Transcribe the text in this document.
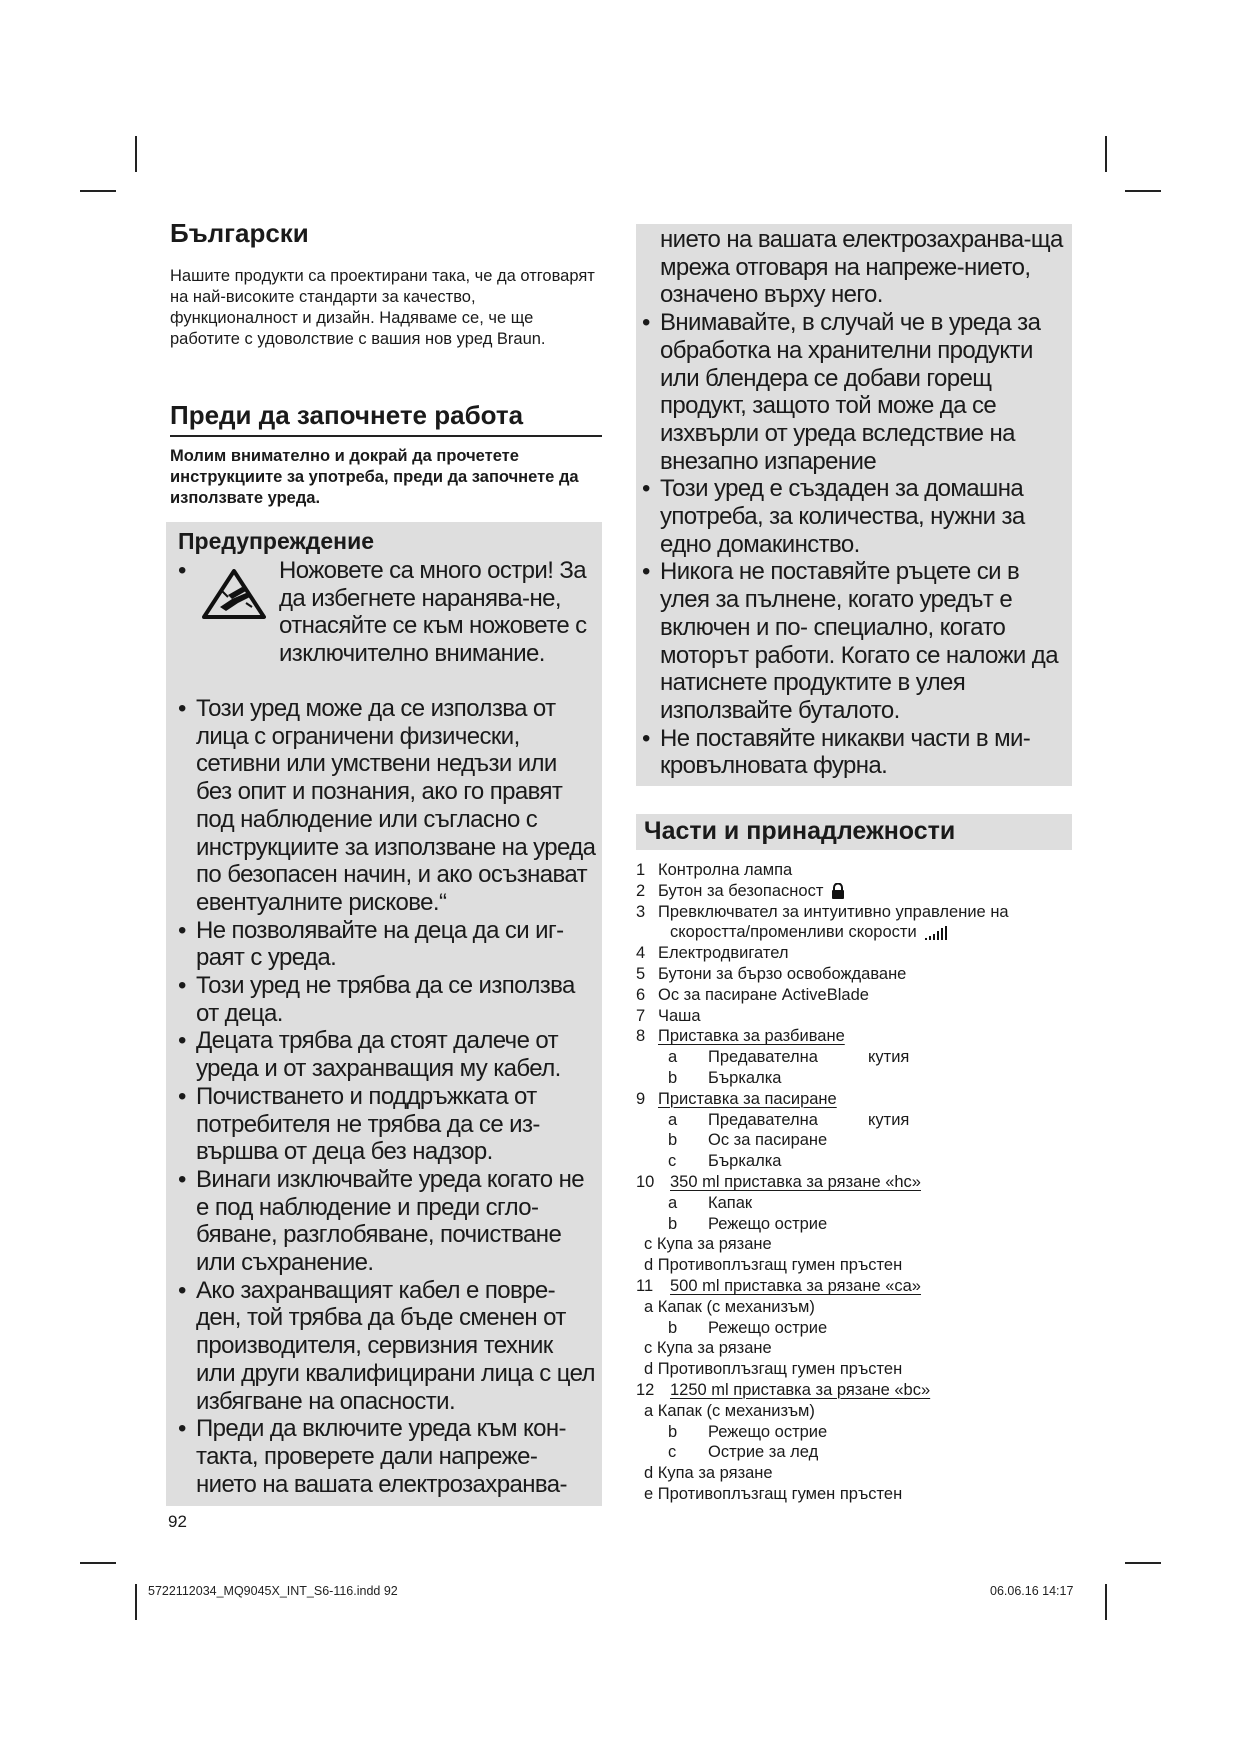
Български

Нашите продукти са проектирани така, че да отговарят на най-високите стандарти за качество, функционалност и дизайн. Надяваме се, че ще работите с удоволствие с вашия нов уред Braun.

Преди да започнете работа

Молим внимателно и докрай да прочетете инструкциите за употреба, преди да започнете да използвате уреда.

Предупреждение
•	Ножовете са много остри! За да избегнете наранява-не, отнасяйте се към ножовете с изключително внимание.
• Този уред може да се използва от лица с ограничени физически, сетивни или умствени недъзи или без опит и познания, ако го правят под наблюдение или съгласно с инструкциите за използване на уреда по безопасен начин, и ако осъзнават евентуалните рискове.“
• Не позволявайте на деца да си иг-раят с уреда.
• Този уред не трябва да се използва от деца.
• Децата трябва да стоят далече от уреда и от захранващия му кабел.
• Почистването и поддръжката от потребителя не трябва да се из-вършва от деца без надзор.
• Винаги изключвайте уреда когато не е под наблюдение и преди сгло-бяване, разглобяване, почистване или съхранение.
• Ако захранващият кабел е повре-ден, той трябва да бъде сменен от производителя, сервизния техник или други квалифицирани лица с цел избягване на опасности.
• Преди да включите уреда към кон-такта, проверете дали напреже-нието на вашата електрозахранва-
нието на вашата електрозахранва-ща мрежа отговаря на напреже-нието, означено върху него.
• Внимавайте, в случай че в уреда за обработка на хранителни продукти или блендера се добави горещ продукт, защото той може да се изхвърли от уреда вследствие на внезапно изпарение
• Този уред е създаден за домашна употреба, за количества, нужни за едно домакинство.
• Никога не поставяйте ръцете си в улея за пълнене, когато уредът е включен и по- специално, когато моторът работи. Когато се наложи да натиснете продуктите в улея използвайте буталото.
• Не поставяйте никакви части в ми-кровълновата фурна.
Части и принадлежности
1 Контролна лампа
2 Бутон за безопасност
3 Превключвател за интуитивно управление на
скоростта/променливи скорости
4 Електродвигател
5 Бутони за бързо освобождаване
6 Ос за пасиране ActiveBlade
7 Чаша
8 Приставка за разбиване
a Предавателна	кутия
b Бъркалка
9 Приставка за пасиране
a Предавателна	кутия
b Ос за пасиране
c Бъркалка
10 350 ml приставка за рязане «hc»
a Капак
b Режещо острие
c Купа за рязане
d Противоплъзгащ гумен пръстен
11 500 ml приставка за рязане «ca»
a Капак (с механизъм)
b Режещо острие
c Купа за рязане
d Противоплъзгащ гумен пръстен
12 1250 ml приставка за рязане «bc»
a Капак (с механизъм)
b Режещо острие
c Острие за лед
d Купа за рязане
e Противоплъзгащ гумен пръстен

92

5722112034_MQ9045X_INT_S6-116.indd 92	06.06.16 14:17
